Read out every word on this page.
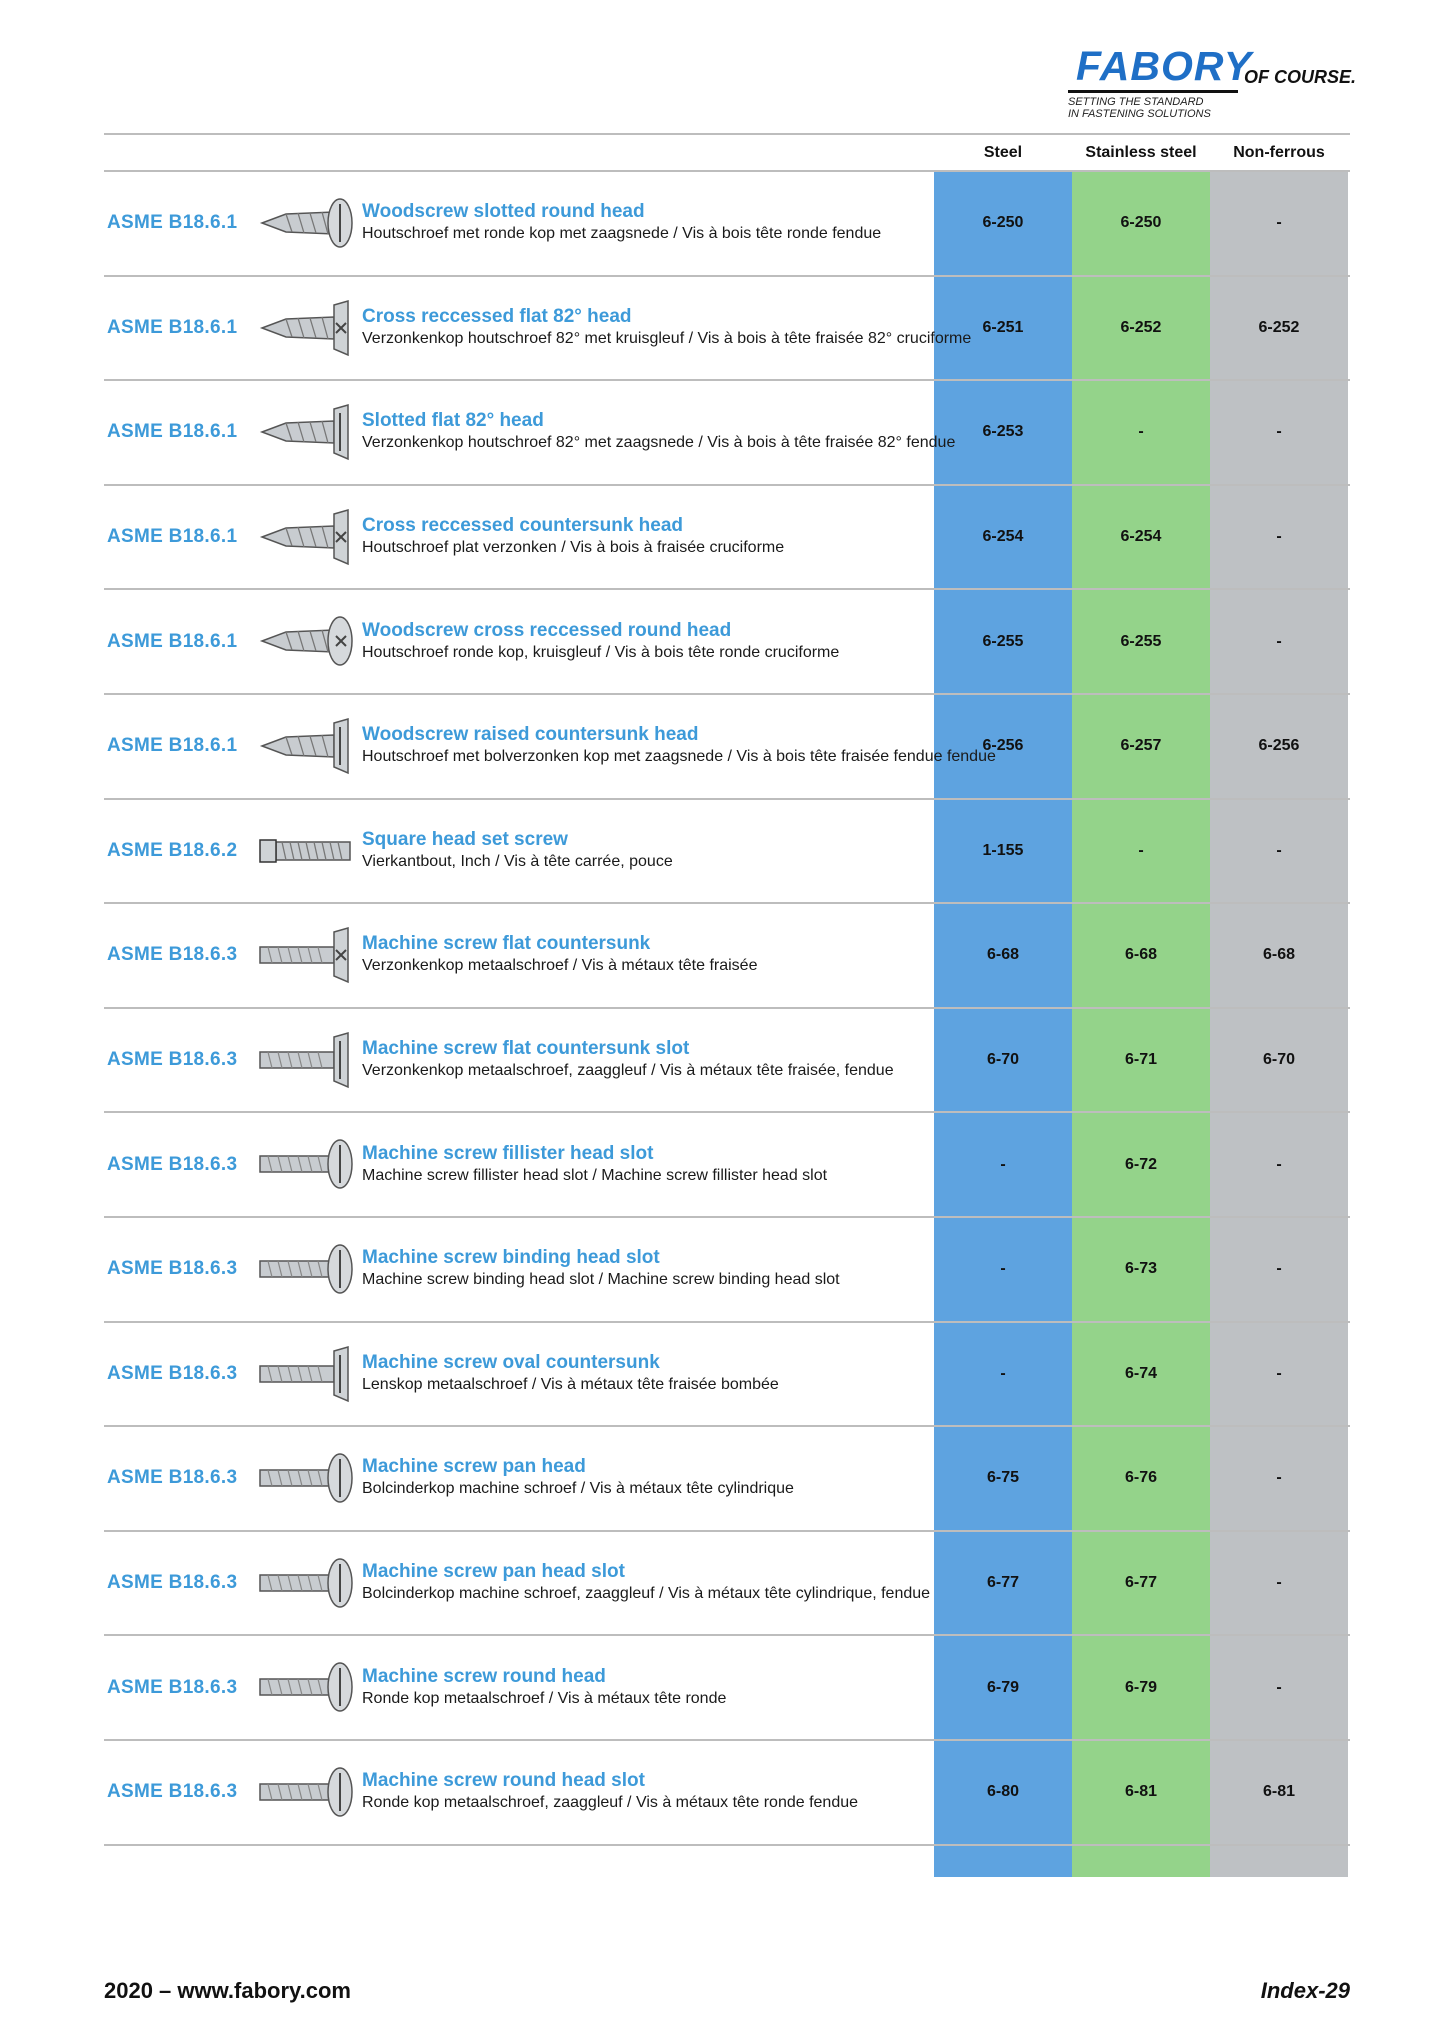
FABORY
OF COURSE.
SETTING THE STANDARD
IN FASTENING SOLUTIONS
Steel	Stainless steel	Non-ferrous
ASME B18.6.1
Woodscrew slotted round head
Houtschroef met ronde kop met zaagsnede / Vis à bois tête ronde fendue
6-250	6-250	-
ASME B18.6.1
Cross reccessed flat 82° head
Verzonkenkop houtschroef 82° met kruisgleuf / Vis à bois à tête fraisée 82° cruciforme
6-251	6-252	6-252
ASME B18.6.1
Slotted flat 82° head
Verzonkenkop houtschroef 82° met zaagsnede / Vis à bois à tête fraisée 82° fendue
6-253	-	-
ASME B18.6.1
Cross reccessed countersunk head
Houtschroef plat verzonken / Vis à bois à fraisée cruciforme
6-254	6-254	-
ASME B18.6.1
Woodscrew cross reccessed round head
Houtschroef ronde kop, kruisgleuf / Vis à bois tête ronde cruciforme
6-255	6-255	-
ASME B18.6.1
Woodscrew raised countersunk head
Houtschroef met bolverzonken kop met zaagsnede / Vis à bois tête fraisée fendue fendue
6-256	6-257	6-256
ASME B18.6.2
Square head set screw
Vierkantbout, Inch / Vis à tête carrée, pouce
1-155	-	-
ASME B18.6.3
Machine screw flat countersunk
Verzonkenkop metaalschroef / Vis à métaux tête fraisée
6-68	6-68	6-68
ASME B18.6.3
Machine screw flat countersunk slot
Verzonkenkop metaalschroef, zaaggleuf / Vis à métaux tête fraisée, fendue
6-70	6-71	6-70
ASME B18.6.3
Machine screw fillister head slot
Machine screw fillister head slot / Machine screw fillister head slot
-	6-72	-
ASME B18.6.3
Machine screw binding head slot
Machine screw binding head slot / Machine screw binding head slot
-	6-73	-
ASME B18.6.3
Machine screw oval countersunk
Lenskop metaalschroef / Vis à métaux tête fraisée bombée
-	6-74	-
ASME B18.6.3
Machine screw pan head
Bolcinderkop machine schroef / Vis à métaux tête cylindrique
6-75	6-76	-
ASME B18.6.3
Machine screw pan head slot
Bolcinderkop machine schroef, zaaggleuf / Vis à métaux tête cylindrique, fendue
6-77	6-77	-
ASME B18.6.3
Machine screw round head
Ronde kop metaalschroef / Vis à métaux tête ronde
6-79	6-79	-
ASME B18.6.3
Machine screw round head slot
Ronde kop metaalschroef, zaaggleuf / Vis à métaux tête ronde fendue
6-80	6-81	6-81
2020 – www.fabory.com	Index-29
